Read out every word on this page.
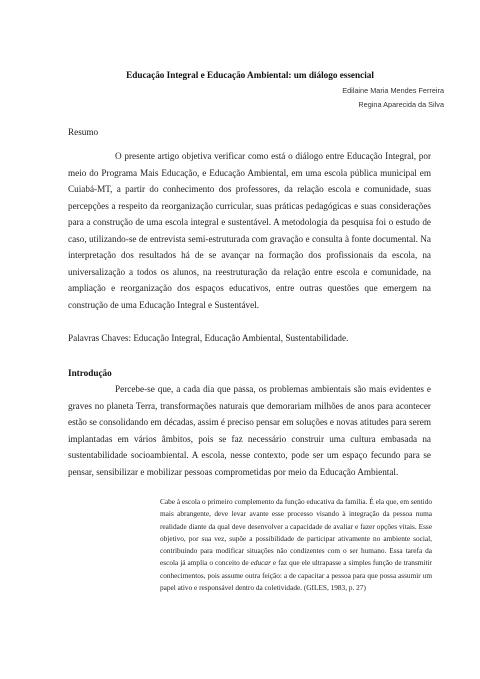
Educação Integral e Educação Ambiental: um diálogo essencial
Edilaine Maria Mendes Ferreira
Regina Aparecida da Silva
Resumo

O presente artigo objetiva verificar como está o diálogo entre Educação Integral, por meio do Programa Mais Educação, e Educação Ambiental, em uma escola pública municipal em Cuiabá-MT, a partir do conhecimento dos professores, da relação escola e comunidade, suas percepções a respeito da reorganização curricular, suas práticas pedagógicas e suas considerações para a construção de uma escola integral e sustentável. A metodologia da pesquisa foi o estudo de caso, utilizando-se de entrevista semi-estruturada com gravação e consulta à fonte documental. Na interpretação dos resultados há de se avançar na formação dos profissionais da escola, na universalização a todos os alunos, na reestruturação da relação entre escola e comunidade, na ampliação e reorganização dos espaços educativos, entre outras questões que emergem na construção de uma Educação Integral e Sustentável.

Palavras Chaves: Educação Integral, Educação Ambiental, Sustentabilidade.
Introdução

Percebe-se que, a cada dia que passa, os problemas ambientais são mais evidentes e graves no planeta Terra, transformações naturais que demorariam milhões de anos para acontecer estão se consolidando em décadas, assim é preciso pensar em soluções e novas atitudes para serem implantadas em vários âmbitos, pois se faz necessário construir uma cultura embasada na sustentabilidade socioambiental. A escola, nesse contexto, pode ser um espaço fecundo para se pensar, sensibilizar e mobilizar pessoas comprometidas por meio da Educação Ambiental.

Cabe à escola o primeiro complemento da função educativa da família. É ela que, em sentido mais abrangente, deve levar avante esse processo visando à integração da pessoa numa realidade diante da qual deve desenvolver a capacidade de avaliar e fazer opções vitais. Esse objetivo, por sua vez, supõe a possibilidade de participar ativamente no ambiente social, contribuindo para modificar situações não condizentes com o ser humano. Essa tarefa da escola já amplia o conceito de educar e faz que ele ultrapasse a simples função de transmitir conhecimentos, pois assume outra feição: a de capacitar a pessoa para que possa assumir um papel ativo e responsável dentro da coletividade. (GILES, 1983, p. 27)
